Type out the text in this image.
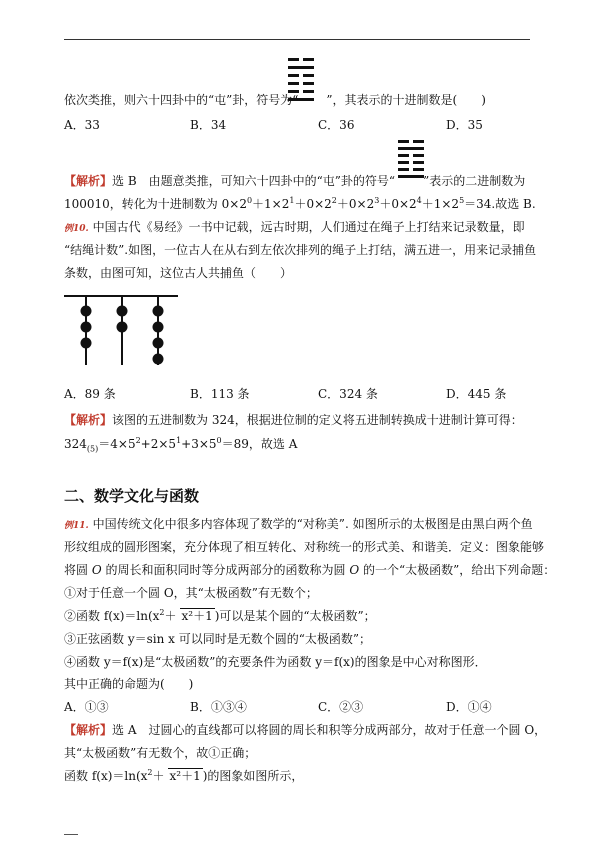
依次类推，则六十四卦中的“屯”卦，符号为“ ”，其表示的十进制数是(　　)
A．33	B．34	C．36	D．35
【解析】选 B　由题意类推，可知六十四卦中的“屯”卦的符号“ ”表示的二进制数为
100010，转化为十进制数为 $0\times 2^0+1\times 2^1+0\times 2^2+0\times 2^3+0\times 2^4+1\times 2^5=34$.故选 B.
例10. 中国古代《易经》一书中记载，远古时期，人们通过在绳子上打结来记录数量，即
“结绳计数”.如图，一位古人在从右到左依次排列的绳子上打结，满五进一，用来记录捕鱼
条数，由图可知，这位古人共捕鱼（　　）
A．89 条	B．113 条	C．324 条	D．445 条
【解析】该图的五进制数为 324，根据进位制的定义将五进制转换成十进制计算可得：
$324_{(5)}=4\times 5^2+2\times 5^1+3\times 5^0=89$，故选 A
二、数学文化与函数
例11. 中国传统文化中很多内容体现了数学的“对称美”. 如图所示的太极图是由黑白两个鱼
形纹组成的圆形图案，充分体现了相互转化、对称统一的形式美、和谐美．定义：图象能够
将圆 O 的周长和面积同时等分成两部分的函数称为圆 O 的一个“太极函数”，给出下列命题：
①对于任意一个圆 O，其“太极函数”有无数个；
②函数 $f(x)=\ln(x^2+ x^2+1$ )可以是某个圆的“太极函数”；
③正弦函数 y＝sin x 可以同时是无数个圆的“太极函数”；
④函数 y＝f(x)是“太极函数”的充要条件为函数 y＝f(x)的图象是中心对称图形．
其中正确的命题为(　　)
A．①③	B．①③④	C．②③	D．①④
【解析】选 A　过圆心的直线都可以将圆的周长和积等分成两部分，故对于任意一个圆 O，
其“太极函数”有无数个，故①正确；
函数 $f(x)=\ln(x^2+ x^2+1$ )的图象如图所示，
